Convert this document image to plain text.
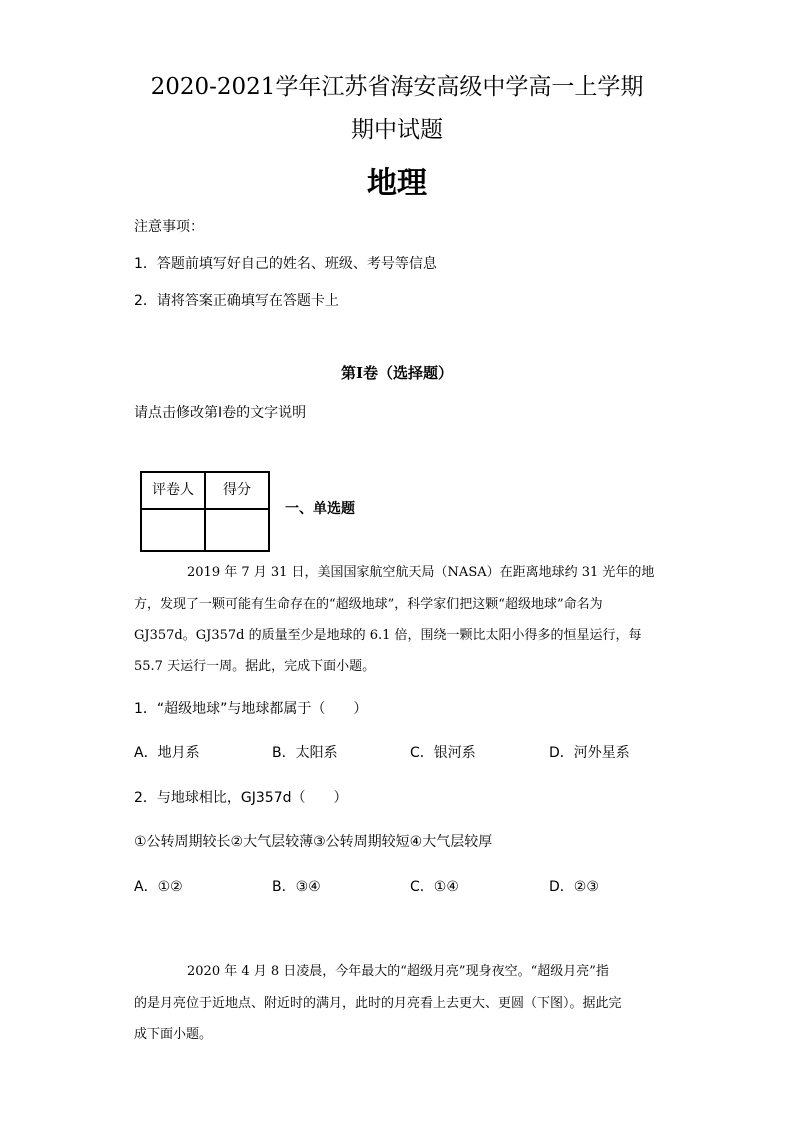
2020-2021学年江苏省海安高级中学高一上学期
期中试题
地理
注意事项：
1．答题前填写好自己的姓名、班级、考号等信息
2．请将答案正确填写在答题卡上
第I卷（选择题）
请点击修改第I卷的文字说明
评卷人	得分

一、单选题
2019 年 7 月 31 日，美国国家航空航天局（NASA）在距离地球约 31 光年的地
方，发现了一颗可能有生命存在的“超级地球”，科学家们把这颗“超级地球”命名为
GJ357d。GJ357d 的质量至少是地球的 6.1 倍，围绕一颗比太阳小得多的恒星运行，每
55.7 天运行一周。据此，完成下面小题。
1．“超级地球”与地球都属于（　　）
A．地月系	B．太阳系	C．银河系	D．河外星系
2．与地球相比，GJ357d（　　）
①公转周期较长②大气层较薄③公转周期较短④大气层较厚
A．①②	B．③④	C．①④	D．②③
2020 年 4 月 8 日凌晨，今年最大的“超级月亮”现身夜空。“超级月亮”指
的是月亮位于近地点、附近时的满月，此时的月亮看上去更大、更圆（下图）。据此完
成下面小题。
